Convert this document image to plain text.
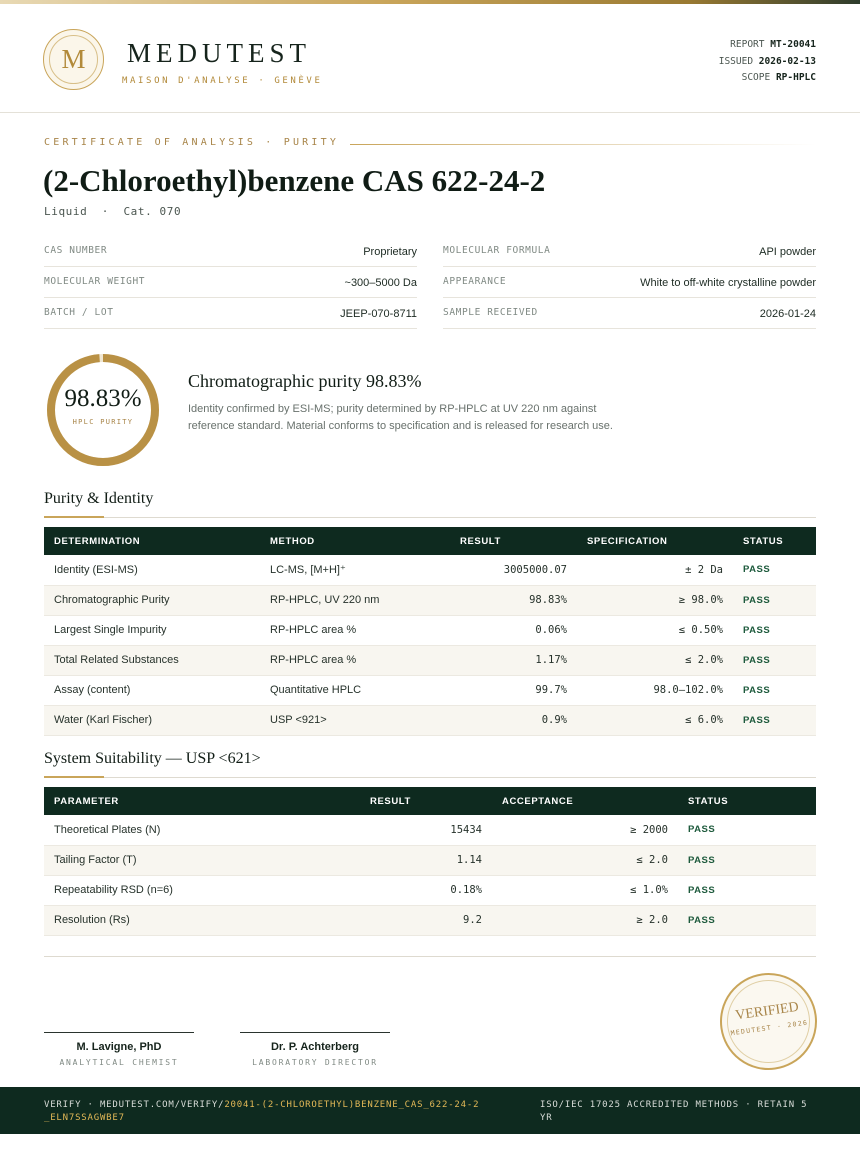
M	MEDUTEST
MAISON D'ANALYSE · GENÈVE
REPORT MT-20041
ISSUED 2026-02-13
SCOPE RP-HPLC
CERTIFICATE OF ANALYSIS · PURITY
(2-Chloroethyl)benzene CAS 622-24-2
Liquid  ·  Cat. 070
CAS NUMBER	Proprietary	MOLECULAR FORMULA	API powder
MOLECULAR WEIGHT	~300–5000 Da	APPEARANCE	White to off-white crystalline powder
BATCH / LOT	JEEP-070-8711	SAMPLE RECEIVED	2026-01-24
98.83%
HPLC PURITY
Chromatographic purity 98.83%
Identity confirmed by ESI-MS; purity determined by RP-HPLC at UV 220 nm against reference standard. Material conforms to specification and is released for research use.
Purity & Identity
DETERMINATION	METHOD	RESULT	SPECIFICATION	STATUS
Identity (ESI-MS)	LC-MS, [M+H]⁺	3005000.07	± 2 Da	PASS
Chromatographic Purity	RP-HPLC, UV 220 nm	98.83%	≥ 98.0%	PASS
Largest Single Impurity	RP-HPLC area %	0.06%	≤ 0.50%	PASS
Total Related Substances	RP-HPLC area %	1.17%	≤ 2.0%	PASS
Assay (content)	Quantitative HPLC	99.7%	98.0–102.0%	PASS
Water (Karl Fischer)	USP <921>	0.9%	≤ 6.0%	PASS
System Suitability — USP <621>
PARAMETER	RESULT	ACCEPTANCE	STATUS
Theoretical Plates (N)	15434	≥ 2000	PASS
Tailing Factor (T)	1.14	≤ 2.0	PASS
Repeatability RSD (n=6)	0.18%	≤ 1.0%	PASS
Resolution (Rs)	9.2	≥ 2.0	PASS
M. Lavigne, PhD
ANALYTICAL CHEMIST
Dr. P. Achterberg
LABORATORY DIRECTOR
VERIFIED
MEDUTEST · 2026
VERIFY · MEDUTEST.COM/VERIFY/20041-(2-CHLOROETHYL)BENZENE_CAS_622-24-2_ELN7SSAGWBE7
ISO/IEC 17025 ACCREDITED METHODS · RETAIN 5 YR
